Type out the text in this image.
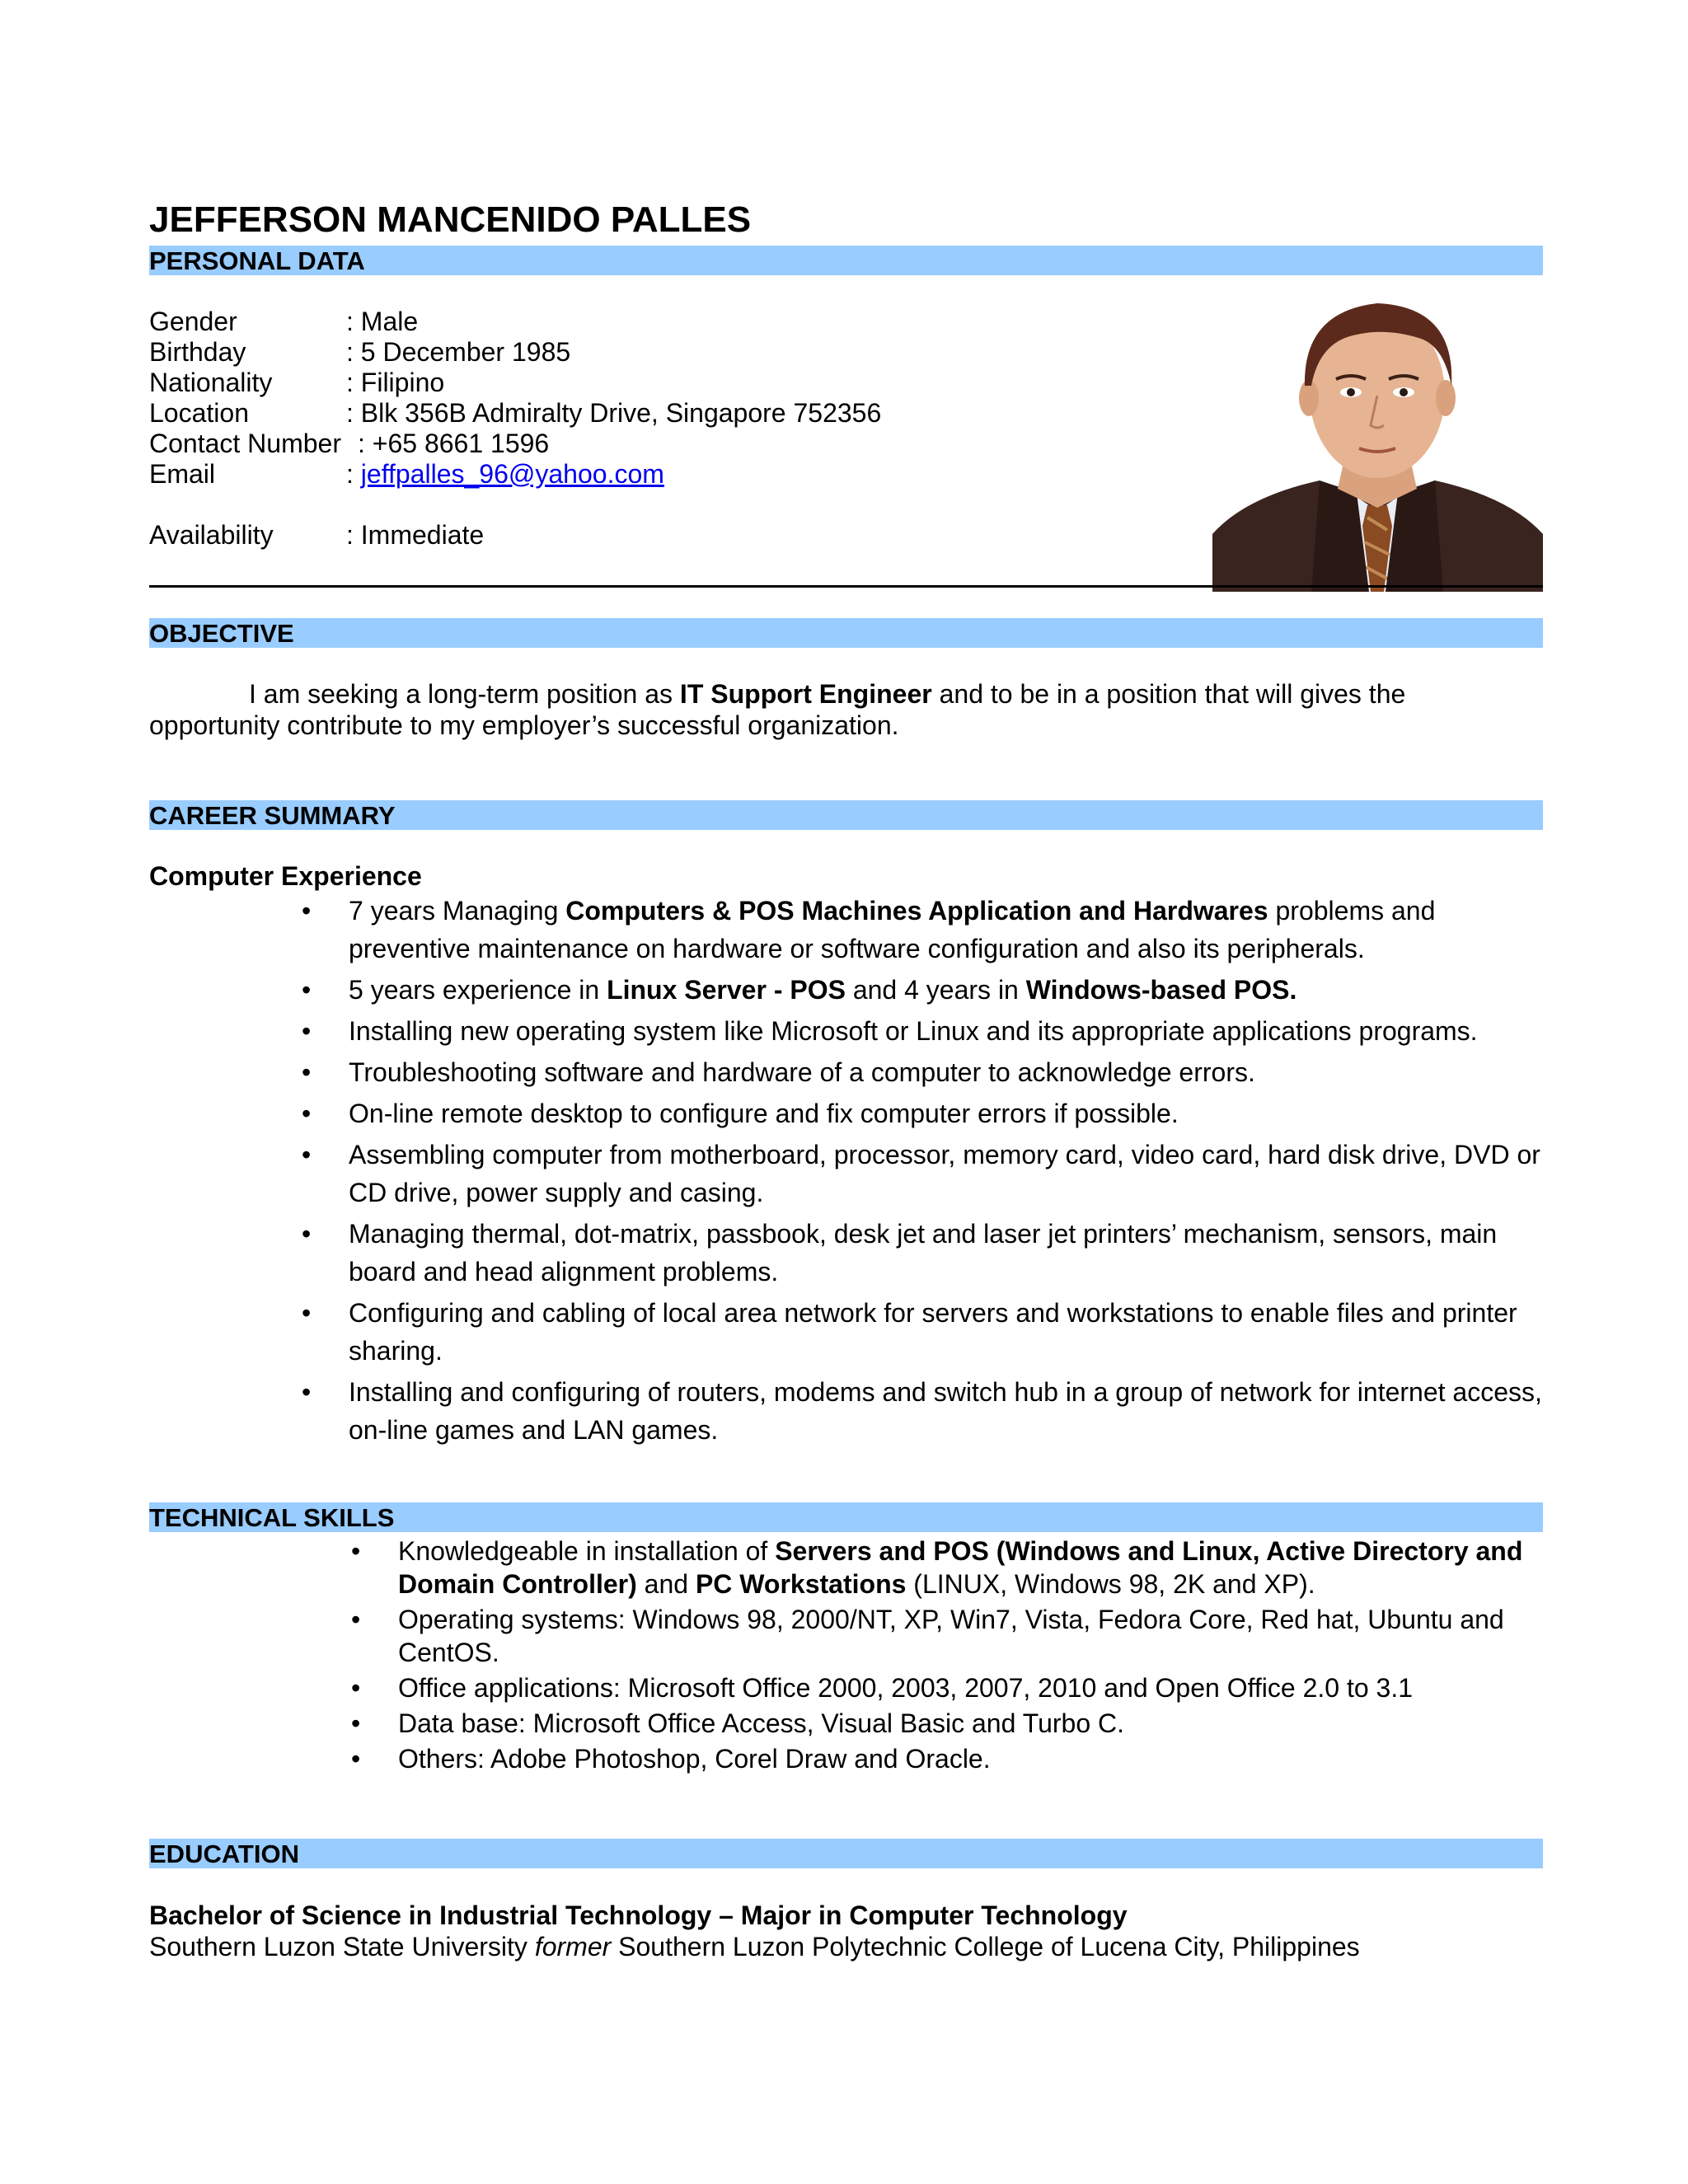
JEFFERSON MANCENIDO PALLES
PERSONAL DATA
Gender	: Male
Birthday	: 5 December 1985
Nationality	: Filipino
Location	: Blk 356B Admiralty Drive, Singapore 752356
Contact Number : +65 8661 1596
Email	: jeffpalles_96@yahoo.com
Availability	: Immediate
OBJECTIVE
I am seeking a long-term position as IT Support Engineer and to be in a position that will gives the opportunity contribute to my employer’s successful organization.
CAREER SUMMARY
Computer Experience
• 7 years Managing Computers & POS Machines Application and Hardwares problems and preventive maintenance on hardware or software configuration and also its peripherals.
• 5 years experience in Linux Server - POS and 4 years in Windows-based POS.
• Installing new operating system like Microsoft or Linux and its appropriate applications programs.
• Troubleshooting software and hardware of a computer to acknowledge errors.
• On-line remote desktop to configure and fix computer errors if possible.
• Assembling computer from motherboard, processor, memory card, video card, hard disk drive, DVD or CD drive, power supply and casing.
• Managing thermal, dot-matrix, passbook, desk jet and laser jet printers’ mechanism, sensors, main board and head alignment problems.
• Configuring and cabling of local area network for servers and workstations to enable files and printer sharing.
• Installing and configuring of routers, modems and switch hub in a group of network for internet access, on-line games and LAN games.
TECHNICAL SKILLS
• Knowledgeable in installation of Servers and POS (Windows and Linux, Active Directory and Domain Controller) and PC Workstations (LINUX, Windows 98, 2K and XP).
• Operating systems: Windows 98, 2000/NT, XP, Win7, Vista, Fedora Core, Red hat, Ubuntu and CentOS.
• Office applications: Microsoft Office 2000, 2003, 2007, 2010 and Open Office 2.0 to 3.1
• Data base: Microsoft Office Access, Visual Basic and Turbo C.
• Others: Adobe Photoshop, Corel Draw and Oracle.
EDUCATION
Bachelor of Science in Industrial Technology – Major in Computer Technology
Southern Luzon State University former Southern Luzon Polytechnic College of Lucena City, Philippines
